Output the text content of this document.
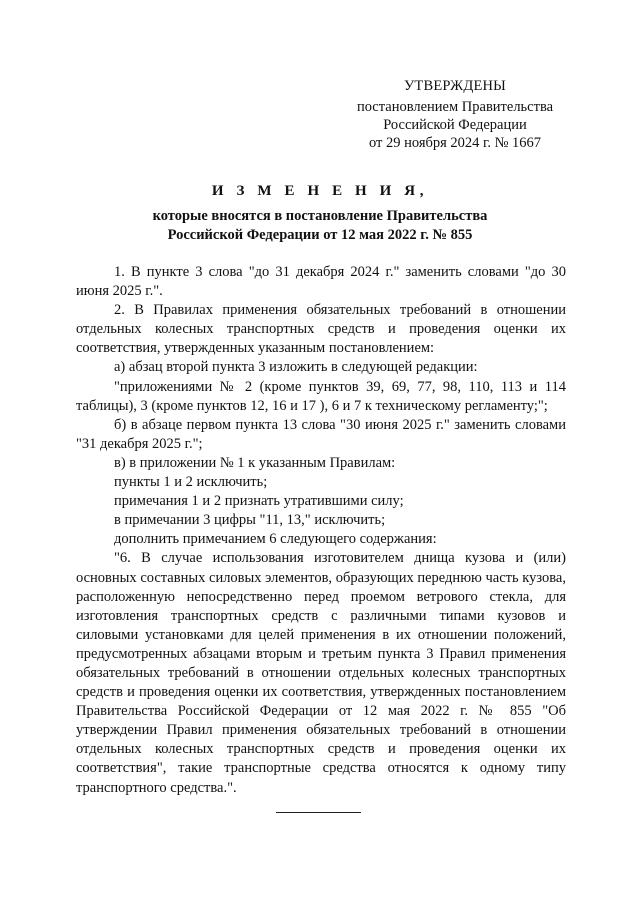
УТВЕРЖДЕНЫ
постановлением Правительства
Российской Федерации
от 29 ноября 2024 г. № 1667
И З М Е Н Е Н И Я,
которые вносятся в постановление Правительства
Российской Федерации от 12 мая 2022 г. № 855

1. В пункте 3 слова "до 31 декабря 2024 г." заменить словами "до 30 июня 2025 г.".

2. В Правилах применения обязательных требований в отношении отдельных колесных транспортных средств и проведения оценки их соответствия, утвержденных указанным постановлением:

а) абзац второй пункта 3 изложить в следующей редакции:

"приложениями № 2 (кроме пунктов 39, 69, 77, 98, 110, 113 и 114 таблицы), 3 (кроме пунктов 12, 16 и 17 ), 6 и 7 к техническому регламенту;";

б) в абзаце первом пункта 13 слова "30 июня 2025 г." заменить словами "31 декабря 2025 г.";

в) в приложении № 1 к указанным Правилам:

пункты 1 и 2 исключить;

примечания 1 и 2 признать утратившими силу;

в примечании 3 цифры "11, 13," исключить;

дополнить примечанием 6 следующего содержания:

"6. В случае использования изготовителем днища кузова и (или) основных составных силовых элементов, образующих переднюю часть кузова, расположенную непосредственно перед проемом ветрового стекла, для изготовления транспортных средств с различными типами кузовов и силовыми установками для целей применения в их отношении положений, предусмотренных абзацами вторым и третьим пункта 3 Правил применения обязательных требований в отношении отдельных колесных транспортных средств и проведения оценки их соответствия, утвержденных постановлением Правительства Российской Федерации от 12 мая 2022 г. № 855 "Об утверждении Правил применения обязательных требований в отношении отдельных колесных транспортных средств и проведения оценки их соответствия", такие транспортные средства относятся к одному типу транспортного средства.".
